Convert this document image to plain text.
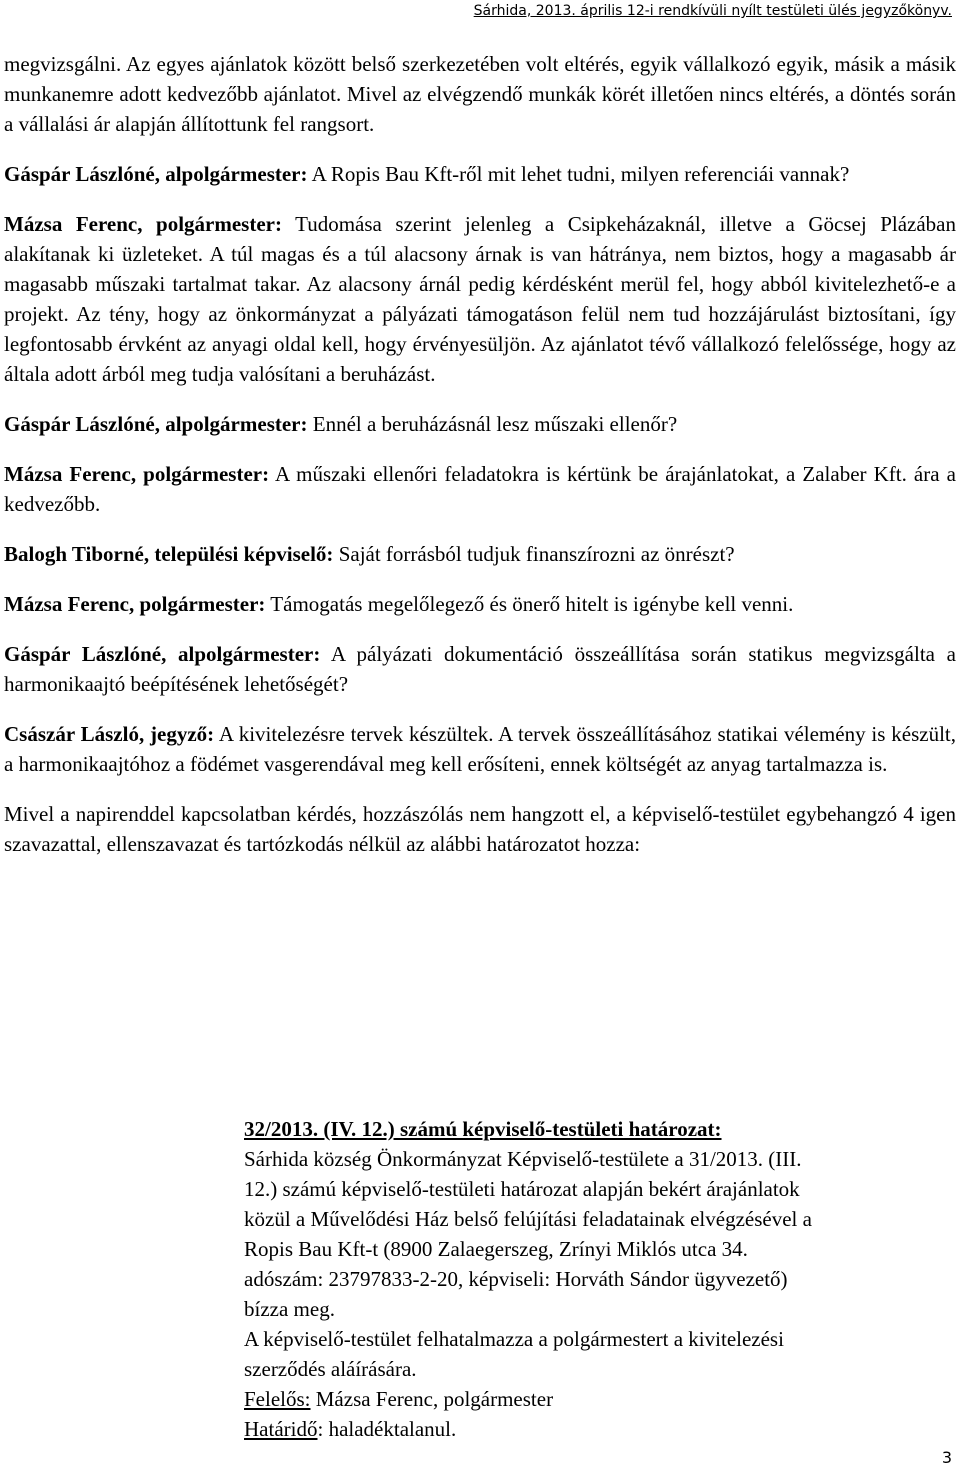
Sárhida, 2013. április 12-i rendkívüli nyílt testületi ülés jegyzőkönyv.

megvizsgálni. Az egyes ajánlatok között belső szerkezetében volt eltérés, egyik vállalkozó egyik, másik a másik munkanemre adott kedvezőbb ajánlatot. Mivel az elvégzendő munkák körét illetően nincs eltérés, a döntés során a vállalási ár alapján állítottunk fel rangsort.

Gáspár Lászlóné, alpolgármester: A Ropis Bau Kft-ről mit lehet tudni, milyen referenciái vannak?

Mázsa Ferenc, polgármester: Tudomása szerint jelenleg a Csipkeházaknál, illetve a Göcsej Plázában alakítanak ki üzleteket. A túl magas és a túl alacsony árnak is van hátránya, nem biztos, hogy a magasabb ár magasabb műszaki tartalmat takar. Az alacsony árnál pedig kérdésként merül fel, hogy abból kivitelezhető-e a projekt. Az tény, hogy az önkormányzat a pályázati támogatáson felül nem tud hozzájárulást biztosítani, így legfontosabb érvként az anyagi oldal kell, hogy érvényesüljön. Az ajánlatot tévő vállalkozó felelőssége, hogy az általa adott árból meg tudja valósítani a beruházást.

Gáspár Lászlóné, alpolgármester: Ennél a beruházásnál lesz műszaki ellenőr?

Mázsa Ferenc, polgármester: A műszaki ellenőri feladatokra is kértünk be árajánlatokat, a Zalaber Kft. ára a kedvezőbb.

Balogh Tiborné, települési képviselő: Saját forrásból tudjuk finanszírozni az önrészt?

Mázsa Ferenc, polgármester: Támogatás megelőlegező és önerő hitelt is igénybe kell venni.

Gáspár Lászlóné, alpolgármester: A pályázati dokumentáció összeállítása során statikus megvizsgálta a harmonikaajtó beépítésének lehetőségét?

Császár László, jegyző: A kivitelezésre tervek készültek. A tervek összeállításához statikai vélemény is készült, a harmonikaajtóhoz a födémet vasgerendával meg kell erősíteni, ennek költségét az anyag tartalmazza is.

Mivel a napirenddel kapcsolatban kérdés, hozzászólás nem hangzott el, a képviselő-testület egybehangzó 4 igen szavazattal, ellenszavazat és tartózkodás nélkül az alábbi határozatot hozza:

32/2013. (IV. 12.) számú képviselő-testületi határozat:
Sárhida község Önkormányzat Képviselő-testülete a 31/2013. (III.
12.) számú képviselő-testületi határozat alapján bekért árajánlatok
közül a Művelődési Ház belső felújítási feladatainak elvégzésével a
Ropis Bau Kft-t (8900 Zalaegerszeg, Zrínyi Miklós utca 34.
adószám: 23797833-2-20, képviseli: Horváth Sándor ügyvezető)
bízza meg.
A képviselő-testület felhatalmazza a polgármestert a kivitelezési
szerződés aláírására.
Felelős: Mázsa Ferenc, polgármester
Határidő: haladéktalanul.
3
